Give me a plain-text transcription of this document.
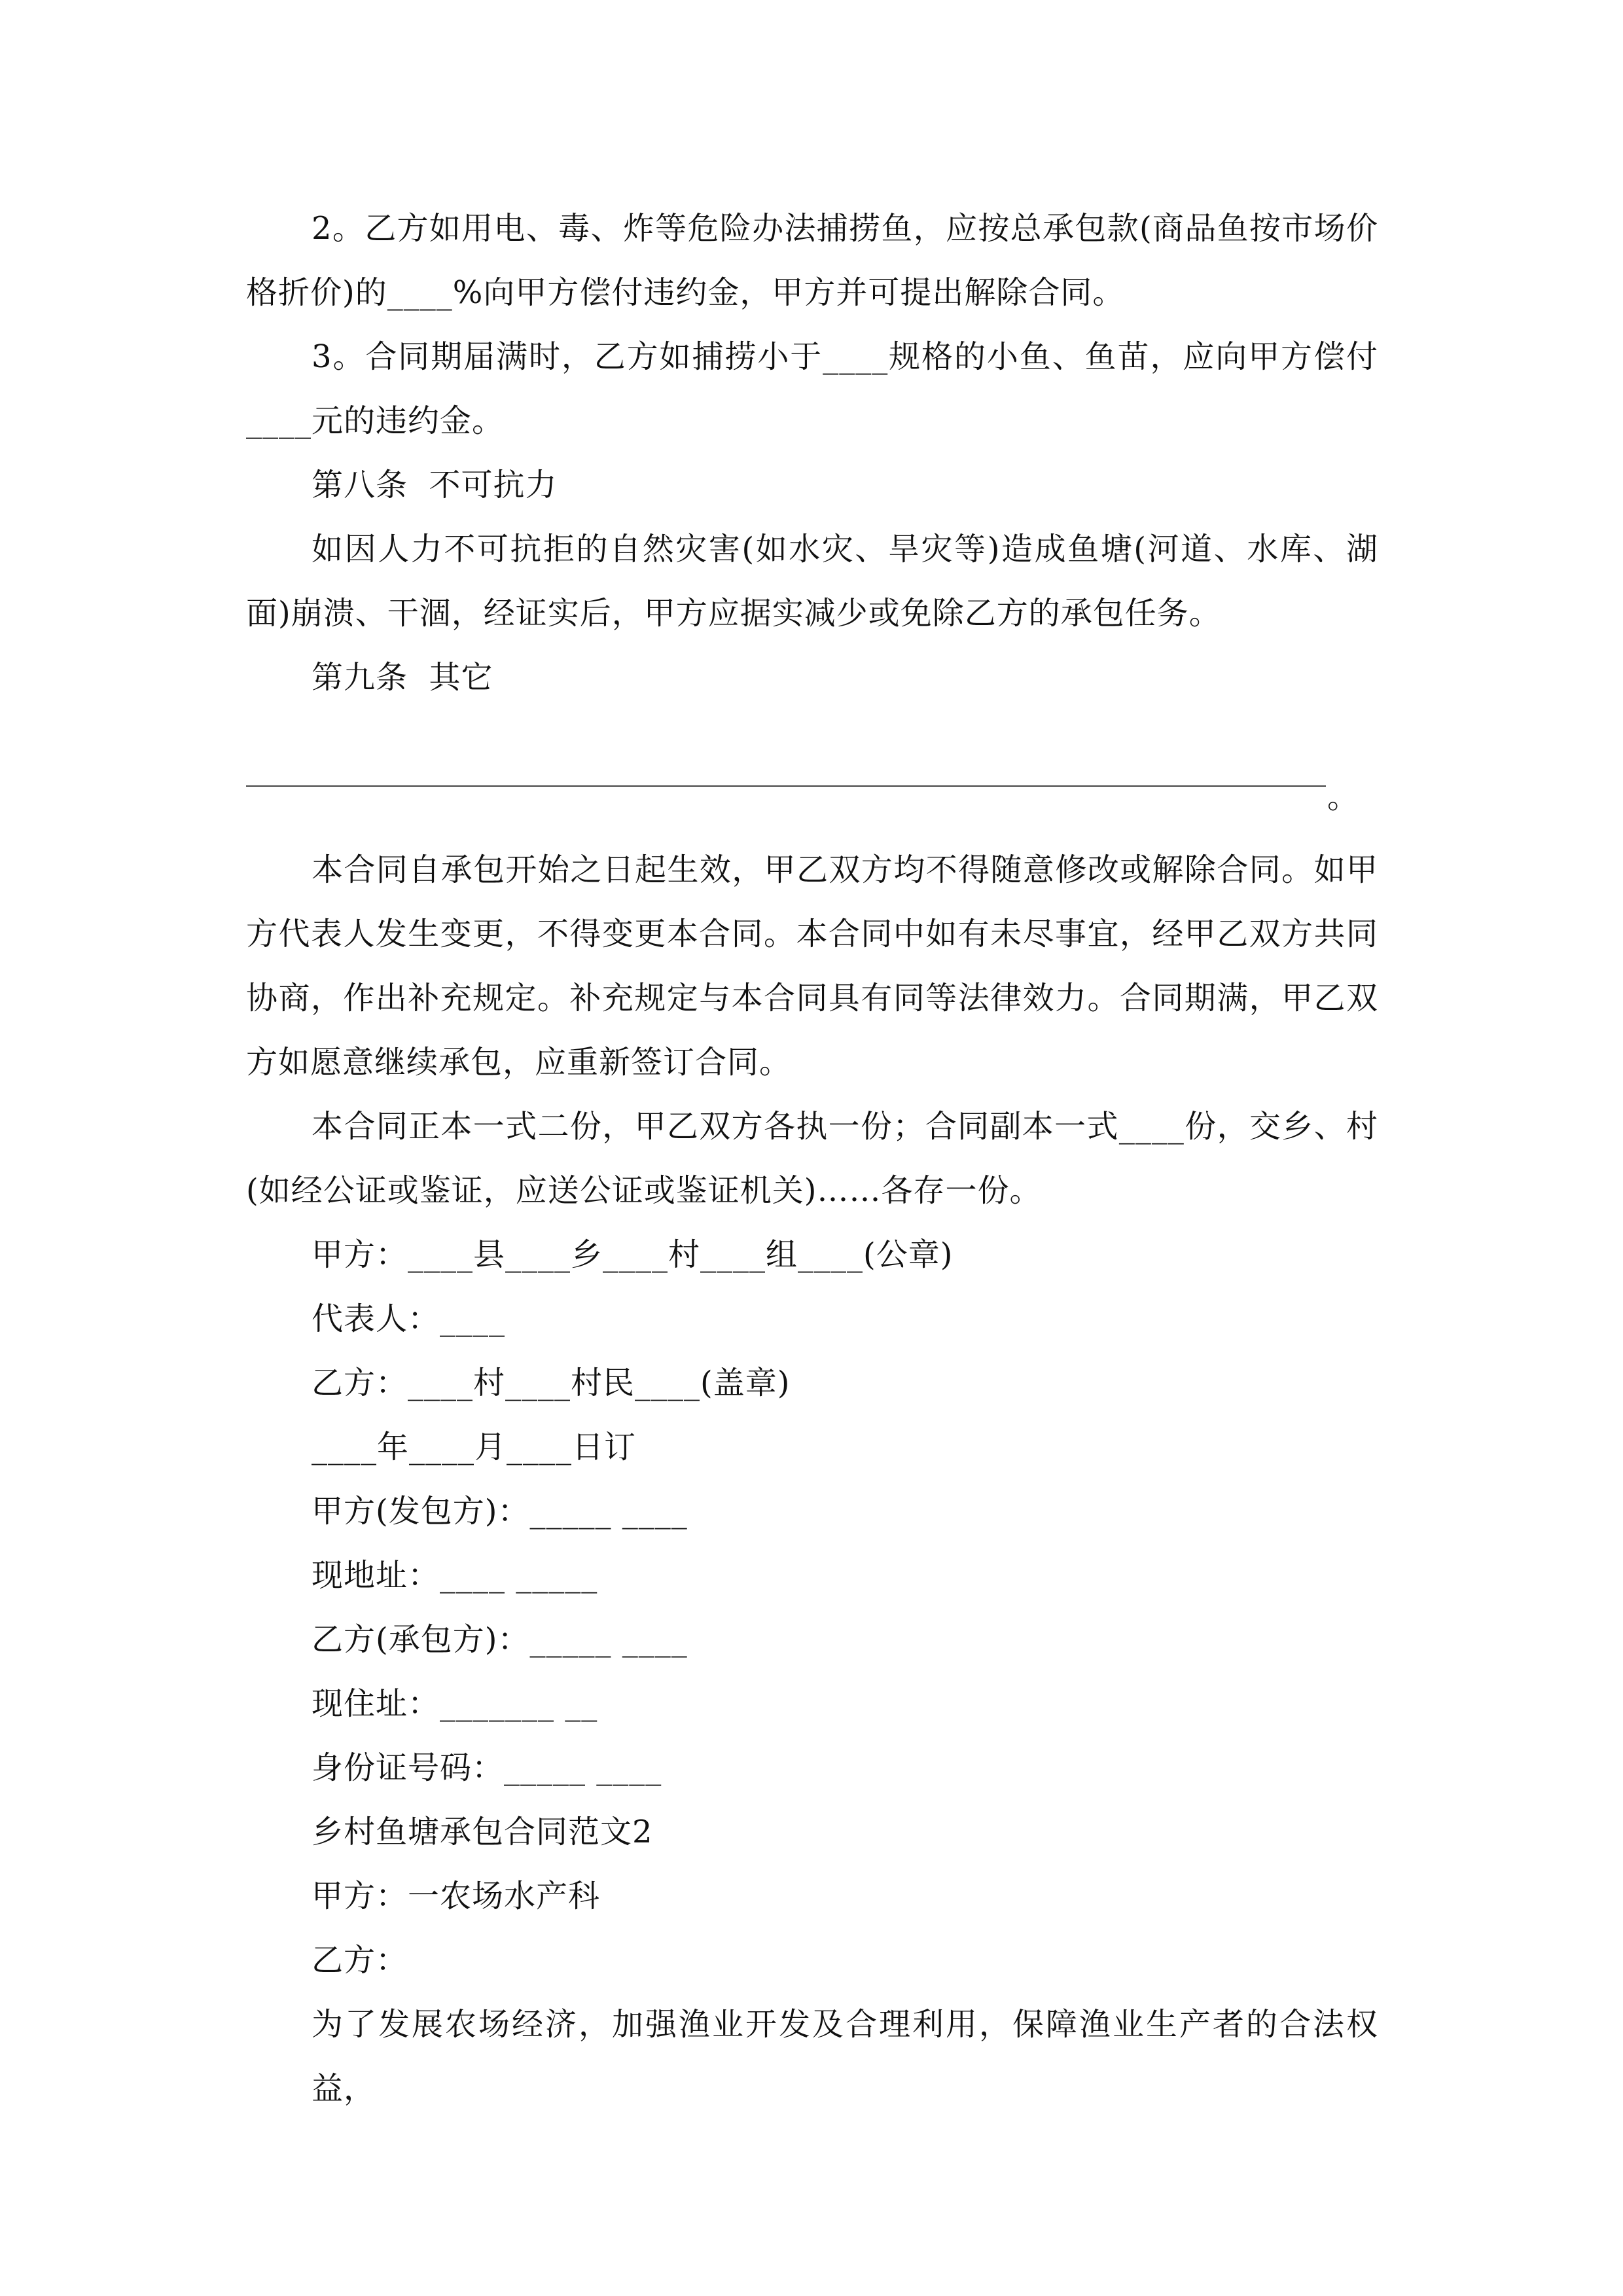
2。乙方如用电、毒、炸等危险办法捕捞鱼，应按总承包款(商品鱼按市场价格折价)的____%向甲方偿付违约金，甲方并可提出解除合同。

3。合同期届满时，乙方如捕捞小于____规格的小鱼、鱼苗，应向甲方偿付____元的违约金。

第八条  不可抗力

如因人力不可抗拒的自然灾害(如水灾、旱灾等)造成鱼塘(河道、水库、湖面)崩溃、干涸，经证实后，甲方应据实减少或免除乙方的承包任务。

第九条  其它

。

本合同自承包开始之日起生效，甲乙双方均不得随意修改或解除合同。如甲方代表人发生变更，不得变更本合同。本合同中如有未尽事宜，经甲乙双方共同协商，作出补充规定。补充规定与本合同具有同等法律效力。合同期满，甲乙双方如愿意继续承包，应重新签订合同。

本合同正本一式二份，甲乙双方各执一份；合同副本一式____份，交乡、村(如经公证或鉴证，应送公证或鉴证机关)……各存一份。

甲方：____县____乡____村____组____(公章)

代表人：____

乙方：____村____村民____(盖章)

____年____月____日订

甲方(发包方)：_____ ____

现地址：____ _____

乙方(承包方)：_____ ____

现住址：_______ __

身份证号码：_____ ____

乡村鱼塘承包合同范文2

甲方：一农场水产科

乙方：

为了发展农场经济，加强渔业开发及合理利用，保障渔业生产者的合法权益，
